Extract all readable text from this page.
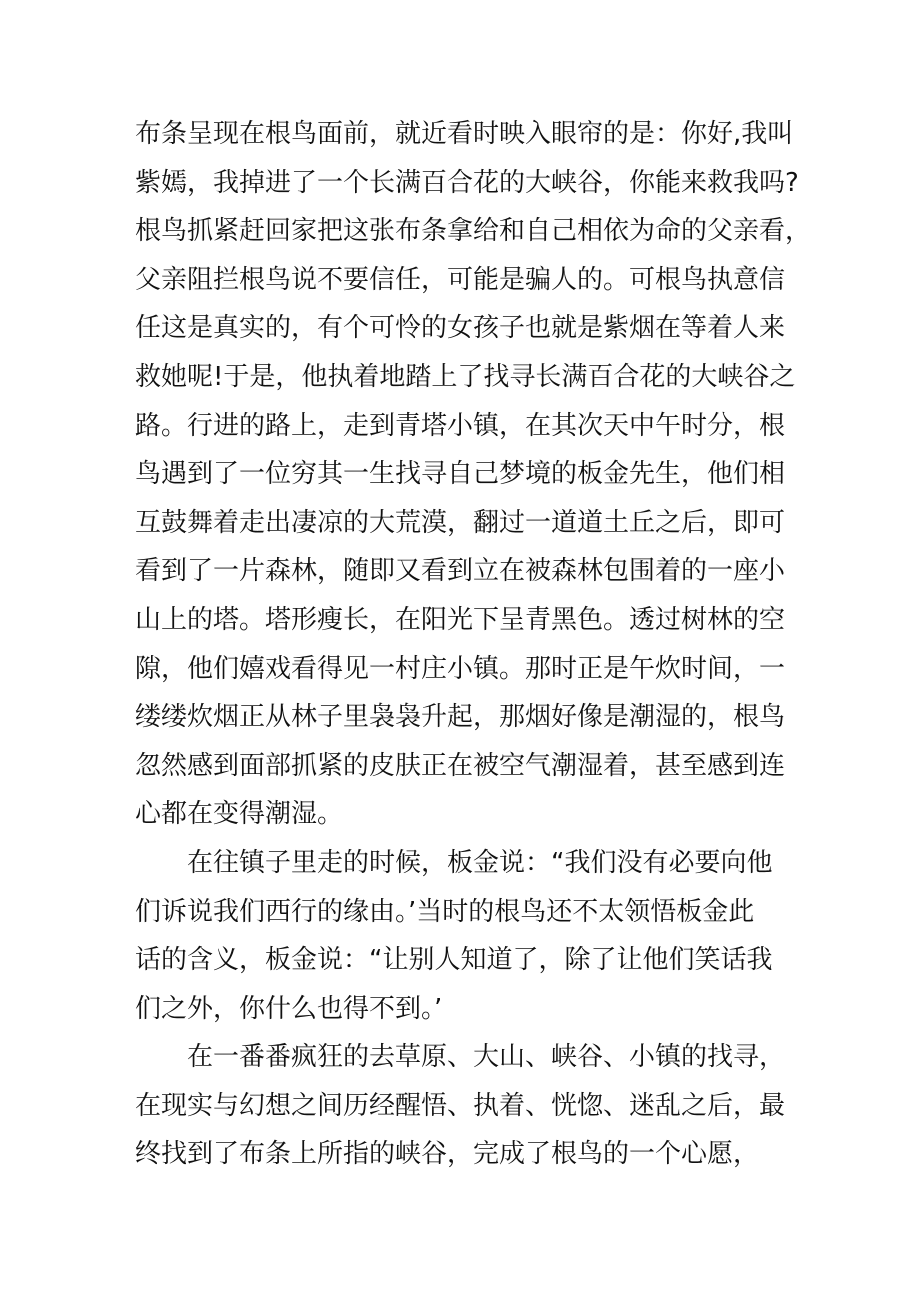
布条呈现在根鸟面前，就近看时映入眼帘的是：你好,我叫
紫嫣，我掉进了一个长满百合花的大峡谷，你能来救我吗?
根鸟抓紧赶回家把这张布条拿给和自己相依为命的父亲看，
父亲阻拦根鸟说不要信任，可能是骗人的。可根鸟执意信
任这是真实的，有个可怜的女孩子也就是紫烟在等着人来
救她呢!于是，他执着地踏上了找寻长满百合花的大峡谷之
路。行进的路上，走到青塔小镇，在其次天中午时分，根
鸟遇到了一位穷其一生找寻自己梦境的板金先生，他们相
互鼓舞着走出凄凉的大荒漠，翻过一道道土丘之后，即可
看到了一片森林，随即又看到立在被森林包围着的一座小
山上的塔。塔形瘦长，在阳光下呈青黑色。透过树林的空
隙，他们嬉戏看得见一村庄小镇。那时正是午炊时间，一
缕缕炊烟正从林子里袅袅升起，那烟好像是潮湿的，根鸟
忽然感到面部抓紧的皮肤正在被空气潮湿着，甚至感到连
心都在变得潮湿。
在往镇子里走的时候，板金说：“我们没有必要向他
们诉说我们西行的缘由。’当时的根鸟还不太领悟板金此
话的含义，板金说：“让别人知道了，除了让他们笑话我
们之外，你什么也得不到。’
在一番番疯狂的去草原、大山、峡谷、小镇的找寻，
在现实与幻想之间历经醒悟、执着、恍惚、迷乱之后，最
终找到了布条上所指的峡谷，完成了根鸟的一个心愿，
